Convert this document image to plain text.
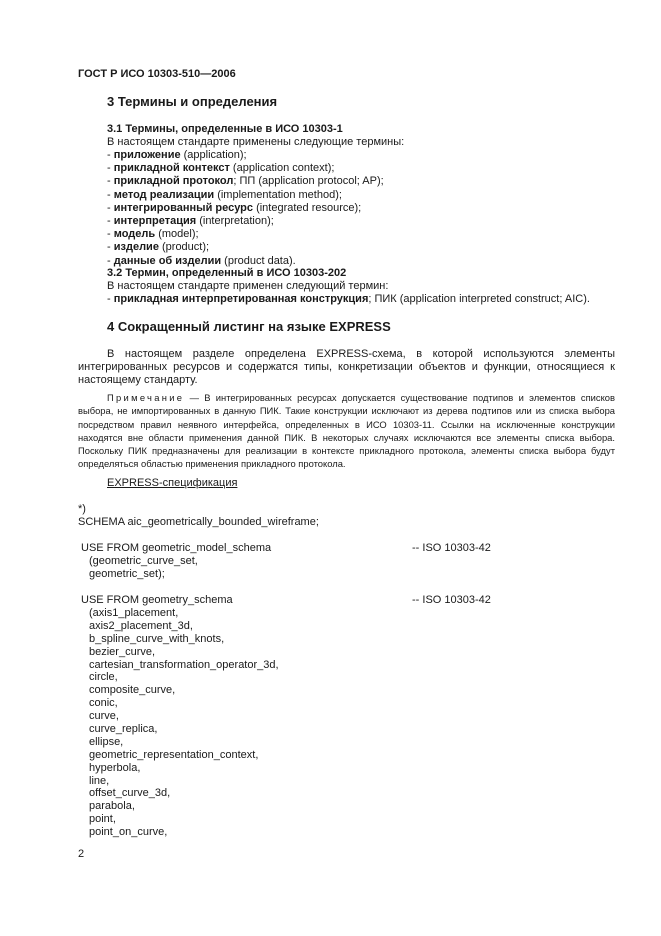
ГОСТ Р ИСО 10303-510—2006
3 Термины и определения
3.1 Термины, определенные в ИСО 10303-1
В настоящем стандарте применены следующие термины:
- приложение (application);
- прикладной контекст (application context);
- прикладной протокол; ПП (application protocol; AP);
- метод реализации (implementation method);
- интегрированный ресурс (integrated resource);
- интерпретация (interpretation);
- модель (model);
- изделие (product);
- данные об изделии (product data).
3.2 Термин, определенный в ИСО 10303-202
В настоящем стандарте применен следующий термин:
- прикладная интерпретированная конструкция; ПИК (application interpreted construct; AIC).
4 Сокращенный листинг на языке EXPRESS
В настоящем разделе определена EXPRESS-схема, в которой используются элементы интегрированных ресурсов и содержатся типы, конкретизации объектов и функции, относящиеся к настоящему стандарту.
Примечание — В интегрированных ресурсах допускается существование подтипов и элементов списков выбора, не импортированных в данную ПИК. Такие конструкции исключают из дерева подтипов или из списка выбора посредством правил неявного интерфейса, определенных в ИСО 10303-11. Ссылки на исключенные конструкции находятся вне области применения данной ПИК. В некоторых случаях исключаются все элементы списка выбора. Поскольку ПИК предназначены для реализации в контексте прикладного протокола, элементы списка выбора будут определяться областью применения прикладного протокола.
EXPRESS-спецификация
*)
SCHEMA aic_geometrically_bounded_wireframe;
USE FROM geometric_model_schema	-- ISO 10303-42
(geometric_curve_set,
geometric_set);
USE FROM geometry_schema	-- ISO 10303-42
(axis1_placement,
axis2_placement_3d,
b_spline_curve_with_knots,
bezier_curve,
cartesian_transformation_operator_3d,
circle,
composite_curve,
conic,
curve,
curve_replica,
ellipse,
geometric_representation_context,
hyperbola,
line,
offset_curve_3d,
parabola,
point,
point_on_curve,
2
